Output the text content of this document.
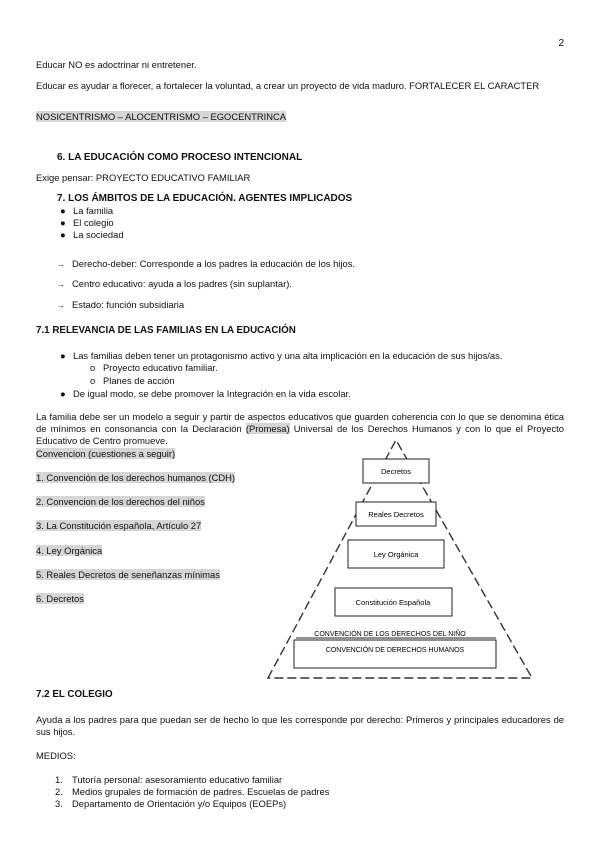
2
Educar NO es adoctrinar ni entretener.
Educar es ayudar a florecer, a fortalecer la voluntad, a crear un proyecto de vida maduro. FORTALECER EL CARACTER
NOSICENTRISMO – ALOCENTRISMO – EGOCENTRINCA
6. LA EDUCACIÓN COMO PROCESO INTENCIONAL
Exige pensar: PROYECTO EDUCATIVO FAMILIAR
7. LOS ÁMBITOS DE LA EDUCACIÓN. AGENTES IMPLICADOS
● La familia
● El colegio
● La sociedad
→ Derecho-deber: Corresponde a los padres la educación de los hijos.
→ Centro educativo: ayuda a los padres (sin suplantar).
→ Estado: función subsidiaria
7.1 RELEVANCIA DE LAS FAMILIAS EN LA EDUCACIÓN
● Las familias deben tener un protagonismo activo y una alta implicación en la educación de sus hijos/as.
o Proyecto educativo familiar.
o Planes de acción
● De igual modo, se debe promover la Integración en la vida escolar.
La familia debe ser un modelo a seguir y partir de aspectos educativos que guarden coherencia con lo que se denomina ética de mínimos en consonancia con la Declaración (Promesa) Universal de los Derechos Humanos y con lo que el Proyecto Educativo de Centro promueve.
Convencion (cuestiones a seguir)
1. Convención de los derechos humanos (CDH)
2. Convencion de los derechos del niños
3. La Constitución española, Artículo 27
4. Ley Orgánica
5. Reales Decretos de seneñanzas mínimas
6. Decretos
Decretos
Reales Decretos
Ley Orgánica
Constitución Española
CONVENCIÓN DE LOS DERECHOS DEL NIÑO
CONVENCIÓN DE DERECHOS HUMANOS
7.2 EL COLEGIO
Ayuda a los padres para que puedan ser de hecho lo que les corresponde por derecho: Primeros y principales educadores de sus hijos.
MEDIOS:
1. Tutoría personal: asesoramiento educativo familiar
2. Medios grupales de formación de padres. Escuelas de padres
3. Departamento de Orientación y/o Equipos (EOEPs)
